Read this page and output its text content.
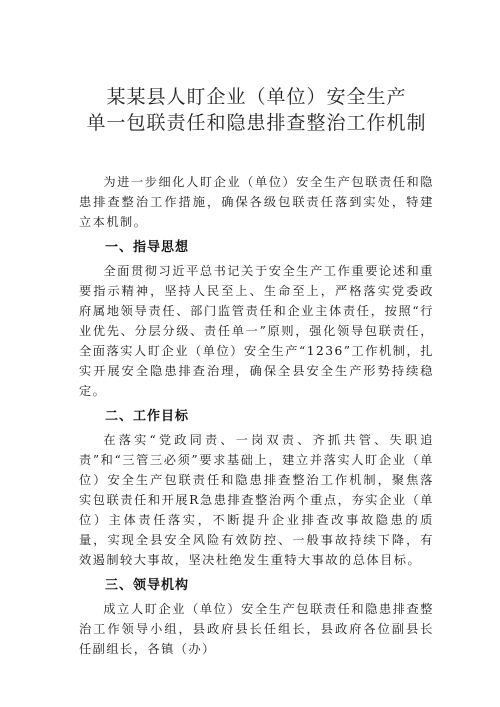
某某县人盯企业（单位）安全生产
单一包联责任和隐患排查整治工作机制

为进一步细化人盯企业（单位）安全生产包联责任和隐患排查整治工作措施，确保各级包联责任落到实处，特建立本机制。

一、指导思想

全面贯彻习近平总书记关于安全生产工作重要论述和重要指示精神，坚持人民至上、生命至上，严格落实党委政府属地领导责任、部门监管责任和企业主体责任，按照“行业优先、分层分级、责任单一”原则，强化领导包联责任，全面落实人盯企业（单位）安全生产“1236”工作机制，扎实开展安全隐患排查治理，确保全县安全生产形势持续稳定。

二、工作目标

在落实“党政同责、一岗双责、齐抓共管、失职追责”和“三管三必须”要求基础上，建立并落实人盯企业（单位）安全生产包联责任和隐患排查整治工作机制，聚焦落实包联责任和开展R急患排查整治两个重点，夯实企业（单位）主体责任落实，不断提升企业排查改事故隐患的质量，实现全县安全风险有效防控、一般事故持续下降，有效遏制较大事故，坚决杜绝发生重特大事故的总体目标。

三、领导机构

成立人盯企业（单位）安全生产包联责任和隐患排查整治工作领导小组，县政府县长任组长，县政府各位副县长任副组长，各镇（办）
